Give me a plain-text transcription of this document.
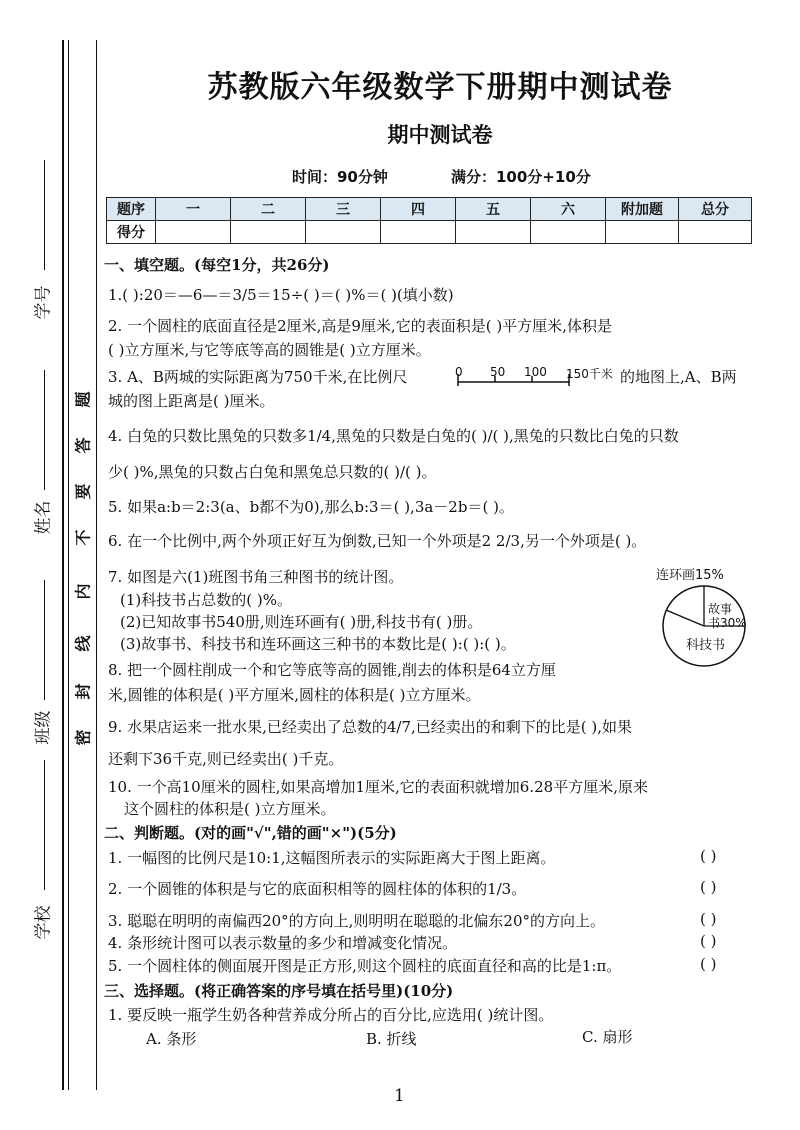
学号
姓名
班级
学校
题
答
要
不
内
线
封
密
苏教版六年级数学下册期中测试卷
期中测试卷
时间：90分钟	满分：100分+10分
题序	一	二	三	四	五	六	附加题	总分
得分								
一、填空题。(每空1分，共26分)
1.( ):20＝—6—＝3/5＝15÷( )＝( )%＝( )(填小数)
2. 一个圆柱的底面直径是2厘米,高是9厘米,它的表面积是( )平方厘米,体积是
( )立方厘米,与它等底等高的圆锥是( )立方厘米。
3. A、B两城的实际距离为750千米,在比例尺	0 50 100 150千米 的地图上,A、B两
城的图上距离是( )厘米。
4. 白兔的只数比黑兔的只数多1/4,黑兔的只数是白兔的( )/( ),黑兔的只数比白兔的只数
少( )%,黑兔的只数占白兔和黑兔总只数的( )/( )。
5. 如果a:b＝2:3(a、b都不为0),那么b:3＝( ),3a－2b＝( )。
6. 在一个比例中,两个外项正好互为倒数,已知一个外项是2 2/3,另一个外项是( )。
7. 如图是六(1)班图书角三种图书的统计图。
(1)科技书占总数的( )%。
(2)已知故事书540册,则连环画有( )册,科技书有( )册。
(3)故事书、科技书和连环画这三种书的本数比是( ):( ):( )。
连环画15%
故事
书30%
科技书
8. 把一个圆柱削成一个和它等底等高的圆锥,削去的体积是64立方厘
米,圆锥的体积是( )平方厘米,圆柱的体积是( )立方厘米。
9. 水果店运来一批水果,已经卖出了总数的4/7,已经卖出的和剩下的比是( ),如果
还剩下36千克,则已经卖出( )千克。
10. 一个高10厘米的圆柱,如果高增加1厘米,它的表面积就增加6.28平方厘米,原来
这个圆柱的体积是( )立方厘米。
二、判断题。(对的画"√",错的画"×")(5分)
1. 一幅图的比例尺是10:1,这幅图所表示的实际距离大于图上距离。	( )
2. 一个圆锥的体积是与它的底面积相等的圆柱体的体积的1/3。	( )
3. 聪聪在明明的南偏西20°的方向上,则明明在聪聪的北偏东20°的方向上。	( )
4. 条形统计图可以表示数量的多少和增减变化情况。	( )
5. 一个圆柱体的侧面展开图是正方形,则这个圆柱的底面直径和高的比是1:π。	( )
三、选择题。(将正确答案的序号填在括号里)(10分)
1. 要反映一瓶学生奶各种营养成分所占的百分比,应选用( )统计图。
A. 条形	B. 折线	C. 扇形
1
